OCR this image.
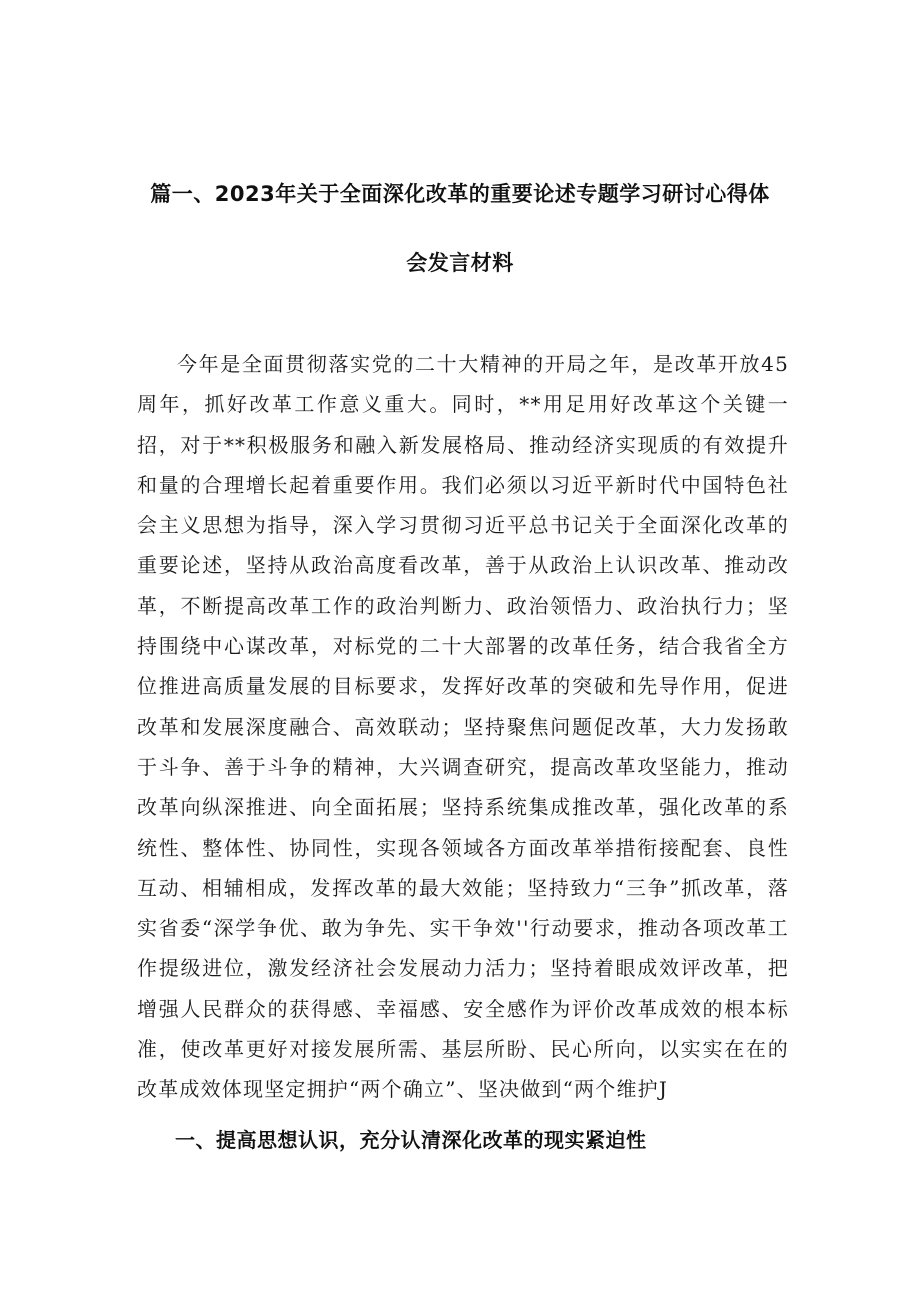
篇一、2023年关于全面深化改革的重要论述专题学习研讨心得体
会发言材料

今年是全面贯彻落实党的二十大精神的开局之年，是改革开放45周年，抓好改革工作意义重大。同时，**用足用好改革这个关键一招，对于**积极服务和融入新发展格局、推动经济实现质的有效提升和量的合理增长起着重要作用。我们必须以习近平新时代中国特色社会主义思想为指导，深入学习贯彻习近平总书记关于全面深化改革的重要论述，坚持从政治高度看改革，善于从政治上认识改革、推动改革，不断提高改革工作的政治判断力、政治领悟力、政治执行力；坚持围绕中心谋改革，对标党的二十大部署的改革任务，结合我省全方位推进高质量发展的目标要求，发挥好改革的突破和先导作用，促进改革和发展深度融合、高效联动；坚持聚焦问题促改革，大力发扬敢于斗争、善于斗争的精神，大兴调查研究，提高改革攻坚能力，推动改革向纵深推进、向全面拓展；坚持系统集成推改革，强化改革的系统性、整体性、协同性，实现各领域各方面改革举措衔接配套、良性互动、相辅相成，发挥改革的最大效能；坚持致力“三争”抓改革，落实省委“深学争优、敢为争先、实干争效''行动要求，推动各项改革工作提级进位，激发经济社会发展动力活力；坚持着眼成效评改革，把增强人民群众的获得感、幸福感、安全感作为评价改革成效的根本标准，使改革更好对接发展所需、基层所盼、民心所向，以实实在在的改革成效体现坚定拥护“两个确立”、坚决做到“两个维护J

一、提高思想认识，充分认清深化改革的现实紧迫性
